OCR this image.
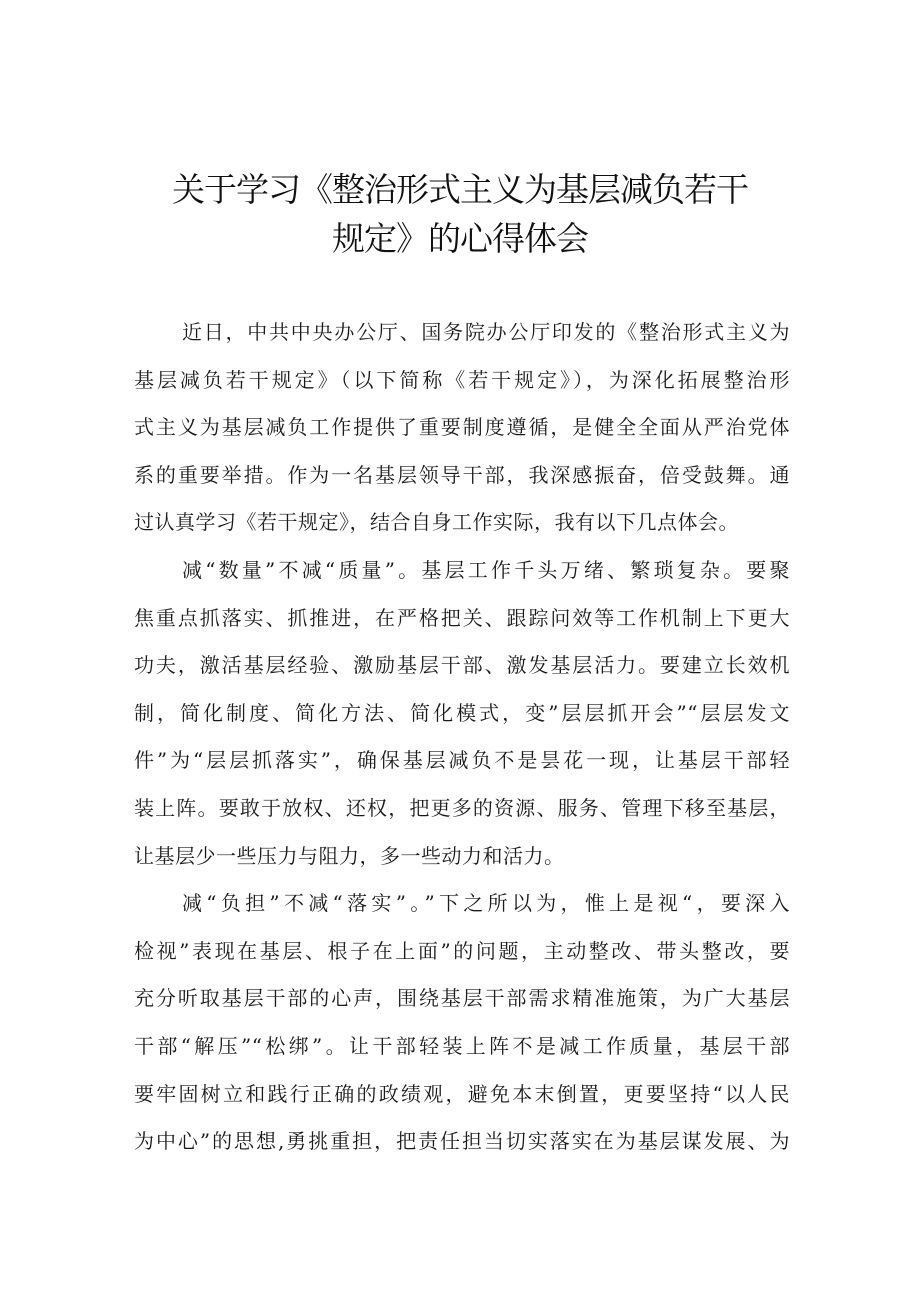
关于学习《整治形式主义为基层减负若干
规定》的心得体会
近日，中共中央办公厅、国务院办公厅印发的《整治形式主义为
基层减负若干规定》（以下简称《若干规定》），为深化拓展整治形
式主义为基层减负工作提供了重要制度遵循，是健全全面从严治党体
系的重要举措。作为一名基层领导干部，我深感振奋，倍受鼓舞。通
过认真学习《若干规定》，结合自身工作实际，我有以下几点体会。
减“数量”不减“质量”。基层工作千头万绪、繁琐复杂。要聚
焦重点抓落实、抓推进，在严格把关、跟踪问效等工作机制上下更大
功夫，激活基层经验、激励基层干部、激发基层活力。要建立长效机
制，简化制度、简化方法、简化模式，变”层层抓开会”“层层发文
件”为“层层抓落实”，确保基层减负不是昙花一现，让基层干部轻
装上阵。要敢于放权、还权，把更多的资源、服务、管理下移至基层，
让基层少一些压力与阻力，多一些动力和活力。
减“负担”不减“落实”。”下之所以为，惟上是视“，要深入
检视”表现在基层、根子在上面”的问题，主动整改、带头整改，要
充分听取基层干部的心声，围绕基层干部需求精准施策，为广大基层
干部“解压”“松绑”。让干部轻装上阵不是减工作质量，基层干部
要牢固树立和践行正确的政绩观，避免本末倒置，更要坚持“以人民
为中心”的思想,勇挑重担，把责任担当切实落实在为基层谋发展、为
